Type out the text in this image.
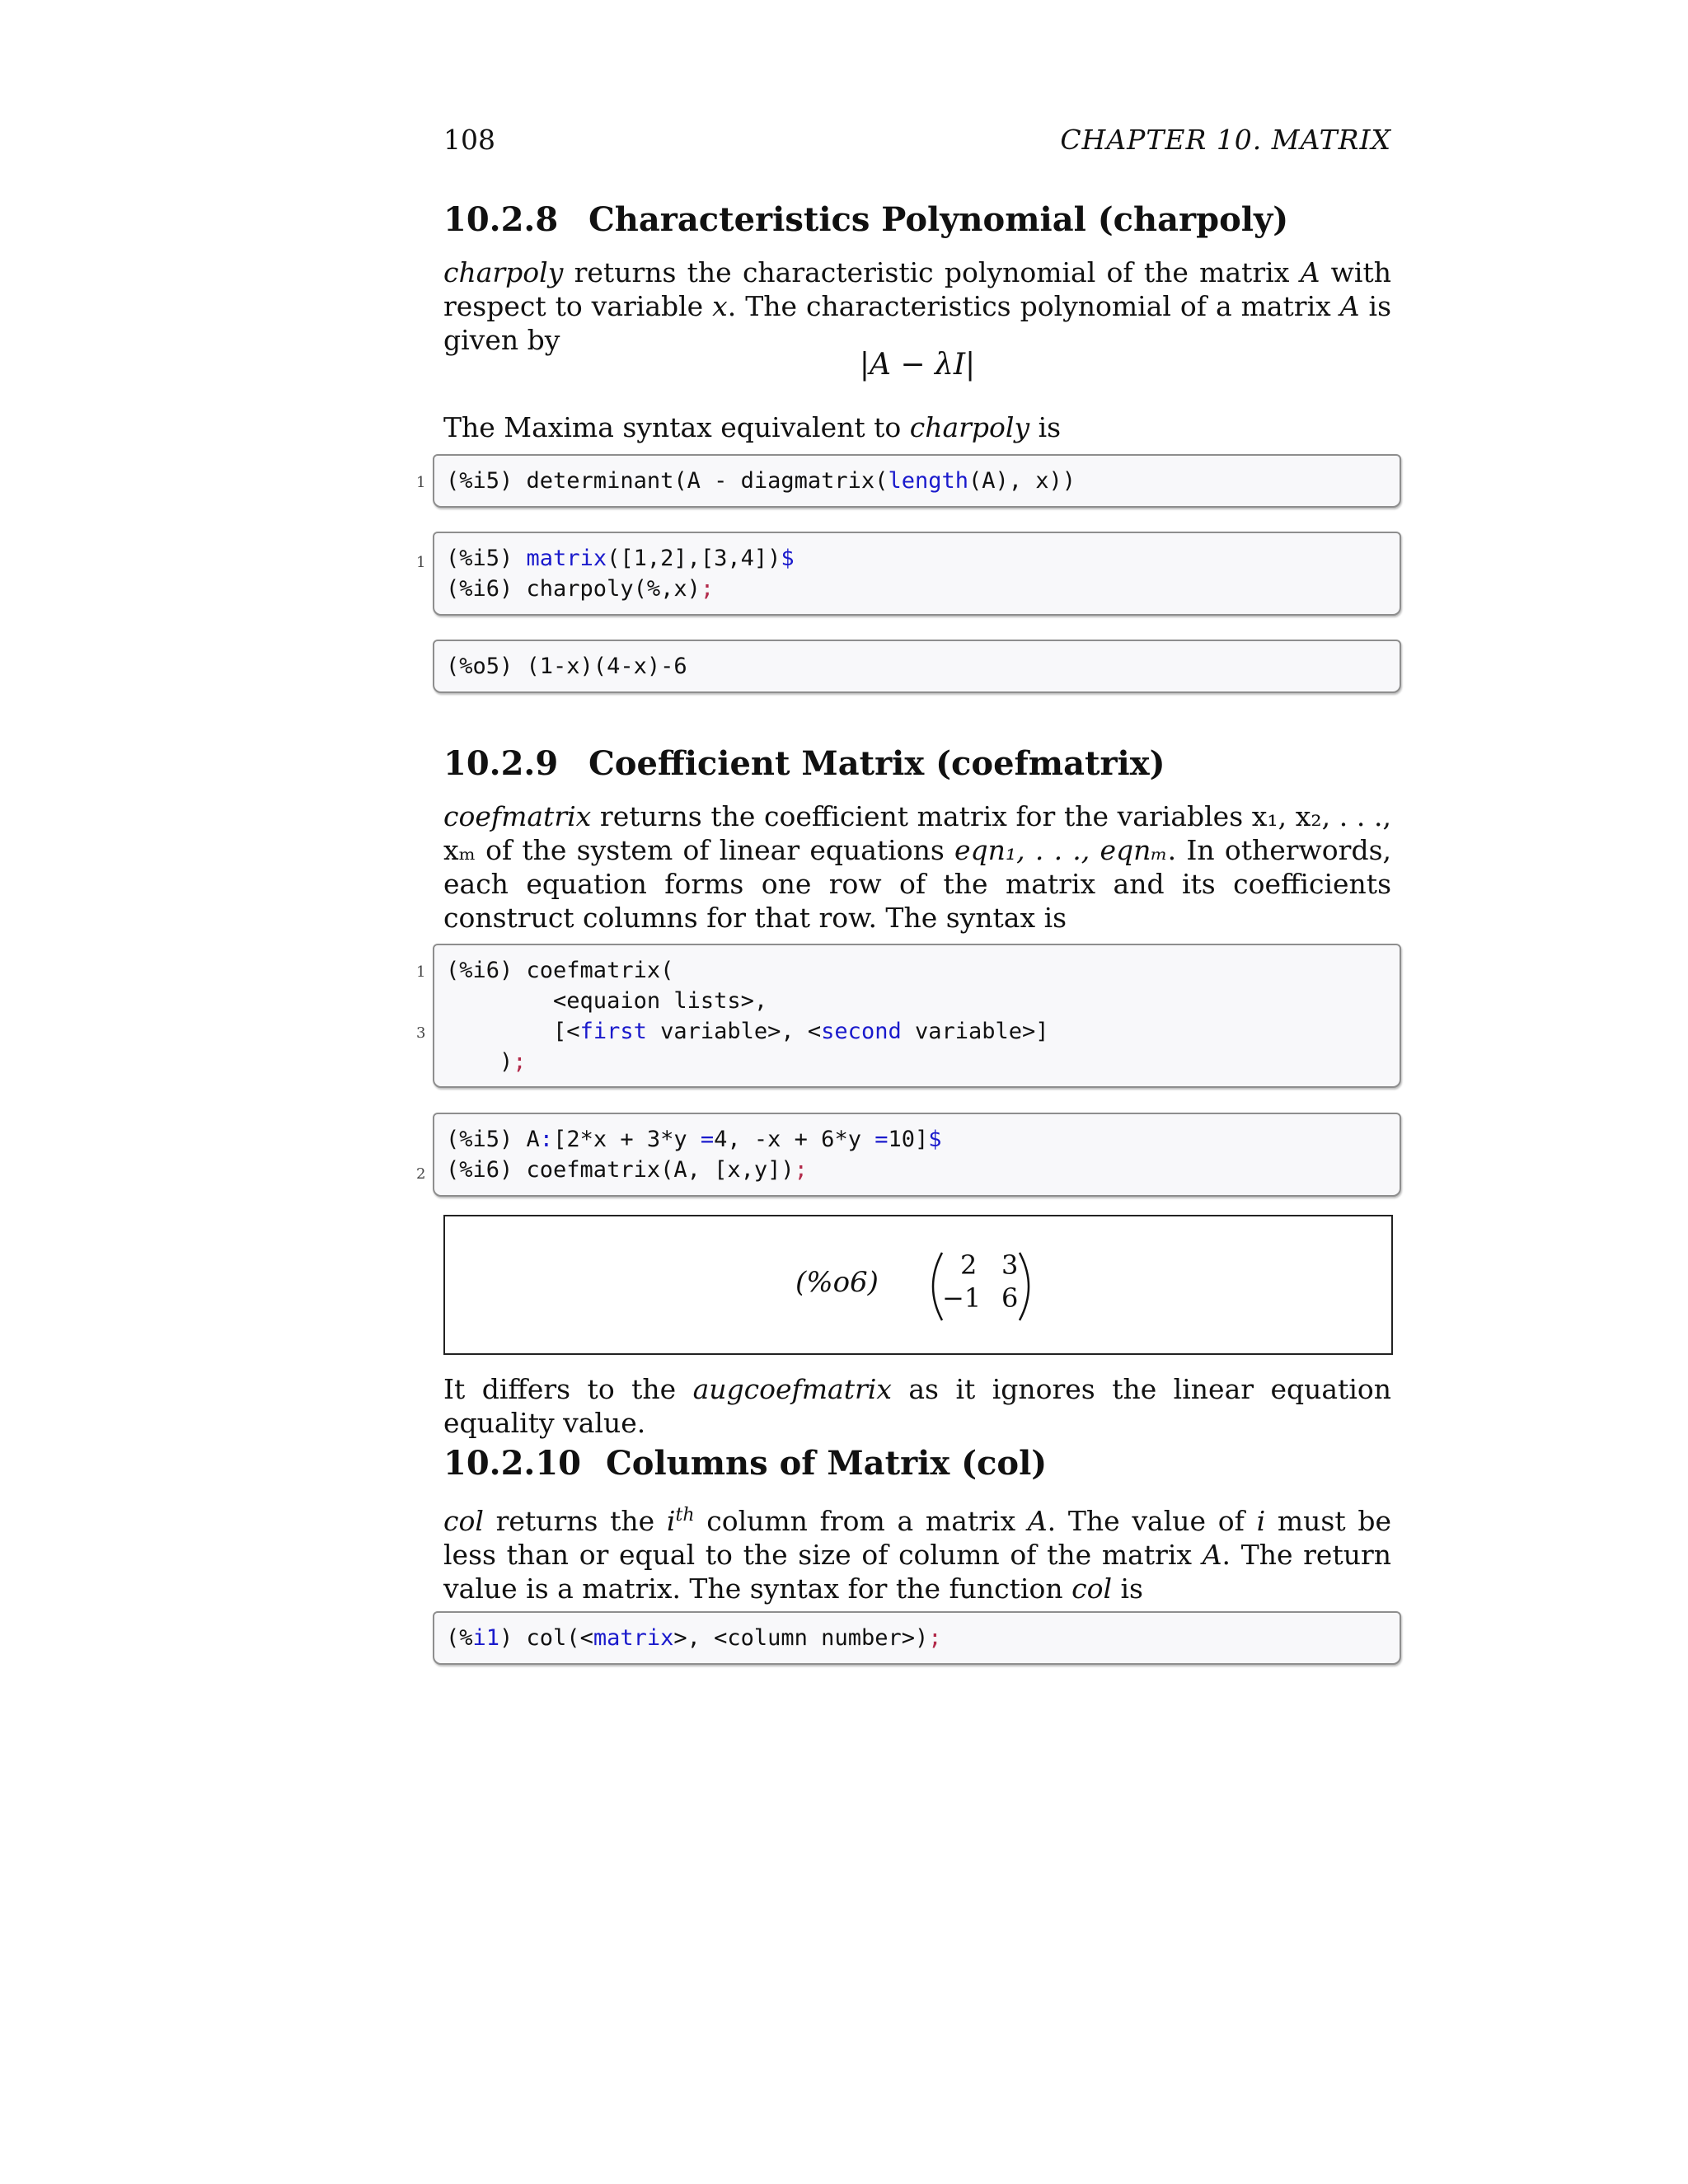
108	CHAPTER 10. MATRIX
10.2.8 Characteristics Polynomial (charpoly)
charpoly returns the characteristic polynomial of the matrix A with respect to variable x. The characteristics polynomial of a matrix A is given by
|A − λI|
The Maxima syntax equivalent to charpoly is
1 (%i5) determinant(A - diagmatrix(length(A), x))
1 (%i5) matrix([1,2],[3,4])$
(%i6) charpoly(%,x);
(%o5) (1-x)(4-x)-6
10.2.9 Coefficient Matrix (coefmatrix)
coefmatrix returns the coefficient matrix for the variables x₁, x₂, . . ., xₘ of the system of linear equations eqn₁, . . ., eqnₘ. In otherwords, each equation forms one row of the matrix and its coefficients construct columns for that row. The syntax is
1
3
(%i6) coefmatrix(
<equaion lists>,
[<first variable>, <second variable>]
);
2
(%i5) A:[2*x + 3*y =4, -x + 6*y =10]$
(%i6) coefmatrix(A, [x,y]);
(%o6)
2 3
−1 6
It differs to the augcoefmatrix as it ignores the linear equation equality value.
10.2.10 Columns of Matrix (col)
col returns the $i^{th}$ column from a matrix A. The value of i must be less than or equal to the size of column of the matrix A. The return value is a matrix. The syntax for the function col is
(%i1) col(<matrix>, <column number>);
